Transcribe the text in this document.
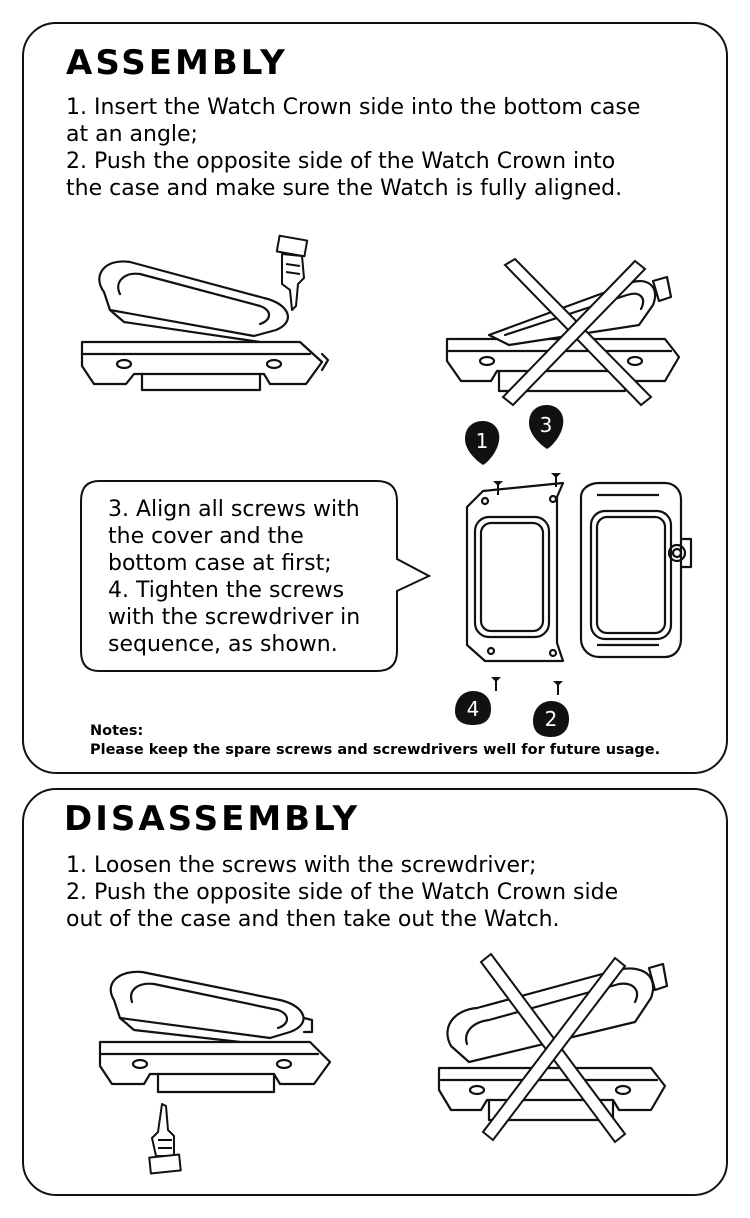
ASSEMBLY
1. Insert the Watch Crown side into the bottom case
at an angle;
2. Push the opposite side of the Watch Crown into
the case and make sure the Watch is fully aligned.
3. Align all screws with
the cover and the
bottom case at first;
4. Tighten the screws
with the screwdriver in
sequence, as shown.
1
3
4	2
Notes:
Please keep the spare screws and screwdrivers well for future usage.
DISASSEMBLY
1. Loosen the screws with the screwdriver;
2. Push the opposite side of the Watch Crown side
out of the case and then take out the Watch.
